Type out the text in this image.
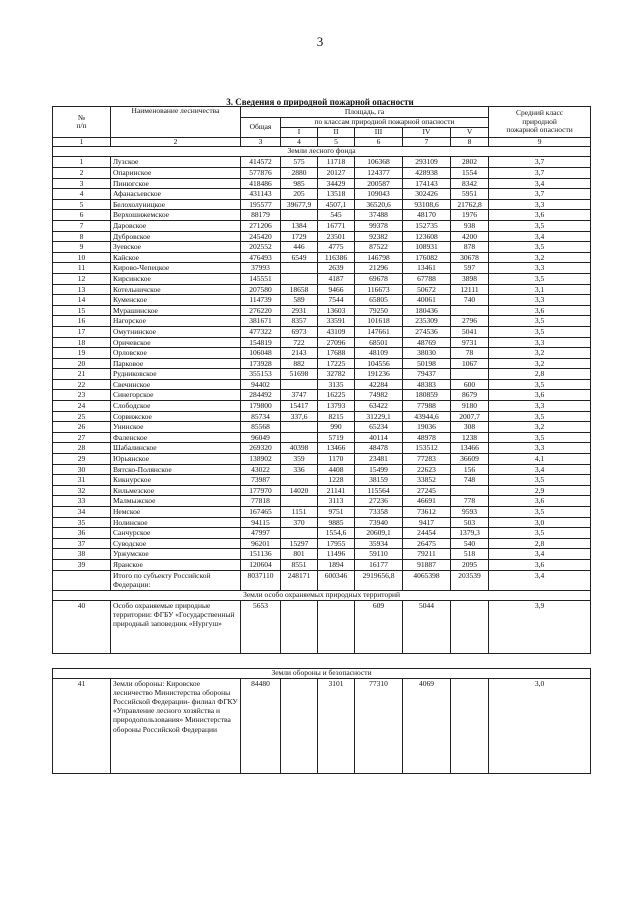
3
3. Сведения о природной пожарной опасности
№
п/п	Наименование лесничества	Площадь, га						Средний класс
природной
пожарной опасности
		Общая	по классам природной пожарной опасности					
			I	II	III	IV	V	
1	2	3	4	5	6	7	8	9
Земли лесного фонда								
1	Лузское	414572	575	11718	106368	293109	2802	3,7
2	Опаринское	577876	2880	20127	124377	428938	1554	3,7
3	Пинюгское	418486	985	34429	200587	174143	8342	3,4
4	Афанасьевское	431143	205	13518	109043	302426	5951	3,7
5	Белохолуницкое	195577	39677,9	4507,1	36520,6	93108,6	21762,8	3,3
6	Верхошижемское	88179		545	37488	48170	1976	3,6
7	Даровское	271206	1384	16771	99378	152735	938	3,5
8	Дубровское	245420	1729	23501	92382	123608	4200	3,4
9	Зуевское	202552	446	4775	87522	108931	878	3,5
10	Кайское	476493	6549	116386	146798	176082	30678	3,2
11	Кирово-Чепецкое	37993		2639	21296	13461	597	3,3
12	Кирсинское	145551		4187	69678	67788	3898	3,5
13	Котельничское	207580	18658	9466	116673	50672	12111	3,1
14	Куменское	114739	589	7544	65805	40061	740	3,3
15	Мурашинское	276220	2931	13603	79250	180436		3,6
16	Нагорское	381671	8357	33591	101618	235309	2796	3,5
17	Омутнинское	477322	6973	43109	147661	274536	5041	3,5
18	Оричевское	154819	722	27096	68501	48769	9731	3,3
19	Орловское	106048	2143	17688	48109	38030	78	3,2
20	Парковое	173928	882	17225	104556	50198	1067	3,2
21	Рудниковское	355153	51698	32782	191236	79437		2,8
22	Свечинское	94402		3135	42284	48383	600	3,5
23	Синегорское	284492	3747	16225	74982	180859	8679	3,6
24	Слободское	179800	15417	13793	63422	77988	9180	3,3
25	Сорвижское	85734	337,6	8215	31229,1	43944,6	2007,7	3,5
26	Унинское	85568		990	65234	19036	308	3,2
27	Фаленское	96049		5719	40114	48978	1238	3,5
28	Шабалинское	269320	40398	13466	48478	153512	13466	3,3
29	Юрьянское	138902	359	1170	23481	77283	36609	4,1
30	Вятско-Полянское	43022	336	4408	15499	22623	156	3,4
31	Кикнурское	73987		1228	38159	33852	748	3,5
32	Кильмезское	177970	14020	21141	115564	27245		2,9
33	Малмыжское	77818		3113	27236	46691	778	3,6
34	Немское	167465	1151	9751	73358	73612	9593	3,5
35	Нолинское	94115	370	9885	73940	9417	503	3,0
36	Санчурское	47997		1554,6	20609,1	24454	1379,3	3,5
37	Суводское	96201	15297	17955	35934	26475	540	2,8
38	Уржумское	151136	801	11496	59110	79211	518	3,4
39	Яранское	120604	8551	1894	16177	91887	2095	3,6
	Итого по субъекту Российской Федерации:	8037110	248171	600346	2919656,8	4065398	203539	3,4
Земли особо охраняемых природных территорий								
40	Особо охраняемые природные территории: ФГБУ «Государственный природный заповедник «Нургуш»	5653			609	5044		3,9

Земли обороны и безопасности								
41	Земли обороны: Кировское лесничество Министерства обороны Российской Федерации- филиал ФГКУ «Управление лесного хозяйства и природопользования» Министерства обороны Российской Федерации	84480		3101	77310	4069		3,0
